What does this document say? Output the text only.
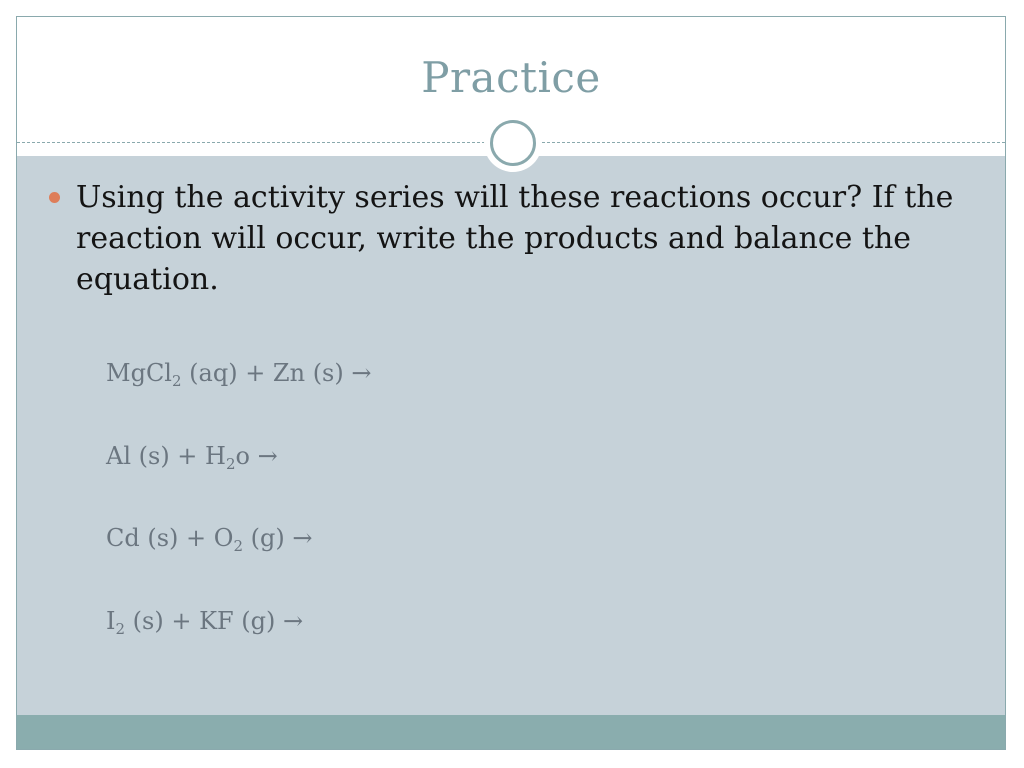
Practice
Using the activity series will these reactions occur? If the reaction will occur, write the products and balance the equation.
MgCl$_2$ (aq) + Zn (s) →
Al $(s) + H_2o$ →
Cd $(s) + O_2$ (g) →
$I_2$ (s) + KF (g) →
